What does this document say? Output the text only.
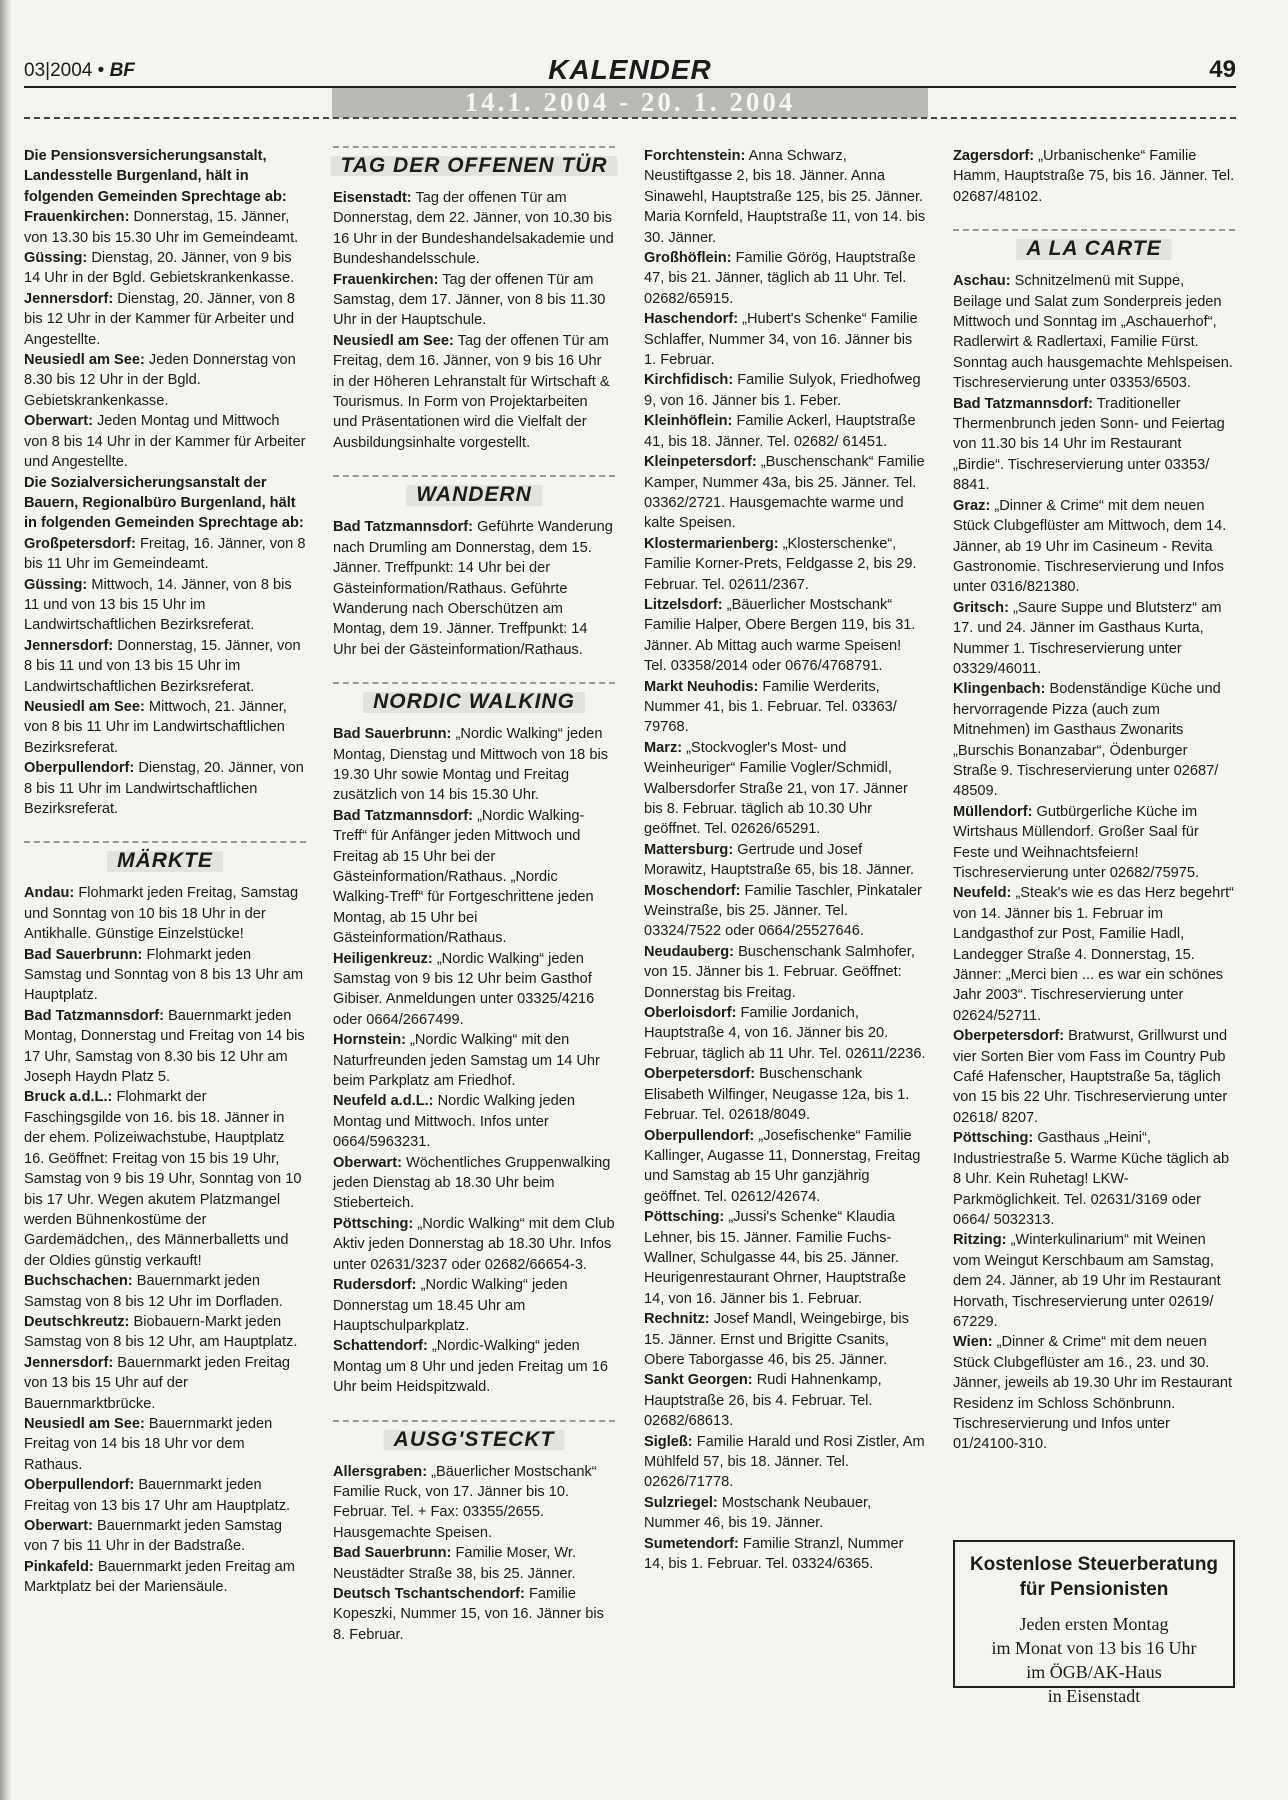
03|2004 • BF	KALENDER	49
14.1. 2004 - 20. 1. 2004

Die Pensionsversicherungsanstalt, Landesstelle Burgenland, hält in folgenden Gemeinden Sprechtage ab:

Frauenkirchen: Donnerstag, 15. Jänner, von 13.30 bis 15.30 Uhr im Gemeindeamt.

Güssing: Dienstag, 20. Jänner, von 9 bis 14 Uhr in der Bgld. Gebietskrankenkasse.

Jennersdorf: Dienstag, 20. Jänner, von 8 bis 12 Uhr in der Kammer für Arbeiter und Angestellte.

Neusiedl am See: Jeden Donnerstag von 8.30 bis 12 Uhr in der Bgld. Gebietskrankenkasse.

Oberwart: Jeden Montag und Mittwoch von 8 bis 14 Uhr in der Kammer für Arbeiter und Angestellte.

Die Sozialversicherungsanstalt der Bauern, Regionalbüro Burgenland, hält in folgenden Gemeinden Sprechtage ab:

Großpetersdorf: Freitag, 16. Jänner, von 8 bis 11 Uhr im Gemeindeamt.

Güssing: Mittwoch, 14. Jänner, von 8 bis 11 und von 13 bis 15 Uhr im Landwirtschaftlichen Bezirksreferat.

Jennersdorf: Donnerstag, 15. Jänner, von 8 bis 11 und von 13 bis 15 Uhr im Landwirtschaftlichen Bezirksreferat.

Neusiedl am See: Mittwoch, 21. Jänner, von 8 bis 11 Uhr im Landwirtschaftlichen Bezirksreferat.

Oberpullendorf: Dienstag, 20. Jänner, von 8 bis 11 Uhr im Landwirtschaftlichen Bezirksreferat.

MÄRKTE

Andau: Flohmarkt jeden Freitag, Samstag und Sonntag von 10 bis 18 Uhr in der Antikhalle. Günstige Einzelstücke!

Bad Sauerbrunn: Flohmarkt jeden Samstag und Sonntag von 8 bis 13 Uhr am Hauptplatz.

Bad Tatzmannsdorf: Bauernmarkt jeden Montag, Donnerstag und Freitag von 14 bis 17 Uhr, Samstag von 8.30 bis 12 Uhr am Joseph Haydn Platz 5.

Bruck a.d.L.: Flohmarkt der Faschingsgilde von 16. bis 18. Jänner in der ehem. Polizeiwachstube, Hauptplatz 16. Geöffnet: Freitag von 15 bis 19 Uhr, Samstag von 9 bis 19 Uhr, Sonntag von 10 bis 17 Uhr. Wegen akutem Platzmangel werden Bühnenkostüme der Gardemädchen,, des Männerballetts und der Oldies günstig verkauft!

Buchschachen: Bauernmarkt jeden Samstag von 8 bis 12 Uhr im Dorfladen.

Deutschkreutz: Biobauern-Markt jeden Samstag von 8 bis 12 Uhr, am Hauptplatz.

Jennersdorf: Bauernmarkt jeden Freitag von 13 bis 15 Uhr auf der Bauernmarktbrücke.

Neusiedl am See: Bauernmarkt jeden Freitag von 14 bis 18 Uhr vor dem Rathaus.

Oberpullendorf: Bauernmarkt jeden Freitag von 13 bis 17 Uhr am Hauptplatz.

Oberwart: Bauernmarkt jeden Samstag von 7 bis 11 Uhr in der Badstraße.

Pinkafeld: Bauernmarkt jeden Freitag am Marktplatz bei der Mariensäule.

TAG DER OFFENEN TÜR

Eisenstadt: Tag der offenen Tür am Donnerstag, dem 22. Jänner, von 10.30 bis 16 Uhr in der Bundeshandelsakademie und Bundeshandelsschule.

Frauenkirchen: Tag der offenen Tür am Samstag, dem 17. Jänner, von 8 bis 11.30 Uhr in der Hauptschule.

Neusiedl am See: Tag der offenen Tür am Freitag, dem 16. Jänner, von 9 bis 16 Uhr in der Höheren Lehranstalt für Wirtschaft & Tourismus. In Form von Projektarbeiten und Präsentationen wird die Vielfalt der Ausbildungsinhalte vorgestellt.

WANDERN

Bad Tatzmannsdorf: Geführte Wanderung nach Drumling am Donnerstag, dem 15. Jänner. Treffpunkt: 14 Uhr bei der Gästeinformation/Rathaus. Geführte Wanderung nach Oberschützen am Montag, dem 19. Jänner. Treffpunkt: 14 Uhr bei der Gästeinformation/Rathaus.

NORDIC WALKING

Bad Sauerbrunn: „Nordic Walking“ jeden Montag, Dienstag und Mittwoch von 18 bis 19.30 Uhr sowie Montag und Freitag zusätzlich von 14 bis 15.30 Uhr.

Bad Tatzmannsdorf: „Nordic Walking-Treff“ für Anfänger jeden Mittwoch und Freitag ab 15 Uhr bei der Gästeinformation/Rathaus. „Nordic Walking-Treff“ für Fortgeschrittene jeden Montag, ab 15 Uhr bei Gästeinformation/Rathaus.

Heiligenkreuz: „Nordic Walking“ jeden Samstag von 9 bis 12 Uhr beim Gasthof Gibiser. Anmeldungen unter 03325/4216 oder 0664/2667499.

Hornstein: „Nordic Walking“ mit den Naturfreunden jeden Samstag um 14 Uhr beim Parkplatz am Friedhof.

Neufeld a.d.L.: Nordic Walking jeden Montag und Mittwoch. Infos unter 0664/5963231.

Oberwart: Wöchentliches Gruppenwalking jeden Dienstag ab 18.30 Uhr beim Stieberteich.

Pöttsching: „Nordic Walking“ mit dem Club Aktiv jeden Donnerstag ab 18.30 Uhr. Infos unter 02631/3237 oder 02682/66654-3.

Rudersdorf: „Nordic Walking“ jeden Donnerstag um 18.45 Uhr am Hauptschulparkplatz.

Schattendorf: „Nordic-Walking“ jeden Montag um 8 Uhr und jeden Freitag um 16 Uhr beim Heidspitzwald.

AUSG'STECKT

Allersgraben: „Bäuerlicher Mostschank“ Familie Ruck, von 17. Jänner bis 10. Februar. Tel. + Fax: 03355/2655. Hausgemachte Speisen.

Bad Sauerbrunn: Familie Moser, Wr. Neustädter Straße 38, bis 25. Jänner.

Deutsch Tschantschendorf: Familie Kopeszki, Nummer 15, von 16. Jänner bis 8. Februar.

Forchtenstein: Anna Schwarz, Neustiftgasse 2, bis 18. Jänner. Anna Sinawehl, Hauptstraße 125, bis 25. Jänner. Maria Kornfeld, Hauptstraße 11, von 14. bis 30. Jänner.

Großhöflein: Familie Görög, Hauptstraße 47, bis 21. Jänner, täglich ab 11 Uhr. Tel. 02682/65915.

Haschendorf: „Hubert's Schenke“ Familie Schlaffer, Nummer 34, von 16. Jänner bis 1. Februar.

Kirchfidisch: Familie Sulyok, Friedhofweg 9, von 16. Jänner bis 1. Feber.

Kleinhöflein: Familie Ackerl, Hauptstraße 41, bis 18. Jänner. Tel. 02682/ 61451.

Kleinpetersdorf: „Buschenschank“ Familie Kamper, Nummer 43a, bis 25. Jänner. Tel. 03362/2721. Hausgemachte warme und kalte Speisen.

Klostermarienberg: „Klosterschenke“, Familie Korner-Prets, Feldgasse 2, bis 29. Februar. Tel. 02611/2367.

Litzelsdorf: „Bäuerlicher Mostschank“ Familie Halper, Obere Bergen 119, bis 31. Jänner. Ab Mittag auch warme Speisen! Tel. 03358/2014 oder 0676/4768791.

Markt Neuhodis: Familie Werderits, Nummer 41, bis 1. Februar. Tel. 03363/ 79768.

Marz: „Stockvogler's Most- und Weinheuriger“ Familie Vogler/Schmidl, Walbersdorfer Straße 21, von 17. Jänner bis 8. Februar. täglich ab 10.30 Uhr geöffnet. Tel. 02626/65291.

Mattersburg: Gertrude und Josef Morawitz, Hauptstraße 65, bis 18. Jänner.

Moschendorf: Familie Taschler, Pinkataler Weinstraße, bis 25. Jänner. Tel. 03324/7522 oder 0664/25527646.

Neudauberg: Buschenschank Salmhofer, von 15. Jänner bis 1. Februar. Geöffnet: Donnerstag bis Freitag.

Oberloisdorf: Familie Jordanich, Hauptstraße 4, von 16. Jänner bis 20. Februar, täglich ab 11 Uhr. Tel. 02611/2236.

Oberpetersdorf: Buschenschank Elisabeth Wilfinger, Neugasse 12a, bis 1. Februar. Tel. 02618/8049.

Oberpullendorf: „Josefischenke“ Familie Kallinger, Augasse 11, Donnerstag, Freitag und Samstag ab 15 Uhr ganzjährig geöffnet. Tel. 02612/42674.

Pöttsching: „Jussi's Schenke“ Klaudia Lehner, bis 15. Jänner. Familie Fuchs-Wallner, Schulgasse 44, bis 25. Jänner. Heurigenrestaurant Ohrner, Hauptstraße 14, von 16. Jänner bis 1. Februar.

Rechnitz: Josef Mandl, Weingebirge, bis 15. Jänner. Ernst und Brigitte Csanits, Obere Taborgasse 46, bis 25. Jänner.

Sankt Georgen: Rudi Hahnenkamp, Hauptstraße 26, bis 4. Februar. Tel. 02682/68613.

Sigleß: Familie Harald und Rosi Zistler, Am Mühlfeld 57, bis 18. Jänner. Tel. 02626/71778.

Sulzriegel: Mostschank Neubauer, Nummer 46, bis 19. Jänner.

Sumetendorf: Familie Stranzl, Nummer 14, bis 1. Februar. Tel. 03324/6365.

Zagersdorf: „Urbanischenke“ Familie Hamm, Hauptstraße 75, bis 16. Jänner. Tel. 02687/48102.

A LA CARTE

Aschau: Schnitzelmenü mit Suppe, Beilage und Salat zum Sonderpreis jeden Mittwoch und Sonntag im „Aschauerhof“, Radlerwirt & Radlertaxi, Familie Fürst. Sonntag auch hausgemachte Mehlspeisen. Tischreservierung unter 03353/6503.

Bad Tatzmannsdorf: Traditioneller Thermenbrunch jeden Sonn- und Feiertag von 11.30 bis 14 Uhr im Restaurant „Birdie“. Tischreservierung unter 03353/ 8841.

Graz: „Dinner & Crime“ mit dem neuen Stück Clubgeflüster am Mittwoch, dem 14. Jänner, ab 19 Uhr im Casineum - Revita Gastronomie. Tischreservierung und Infos unter 0316/821380.

Gritsch: „Saure Suppe und Blutsterz“ am 17. und 24. Jänner im Gasthaus Kurta, Nummer 1. Tischreservierung unter 03329/46011.

Klingenbach: Bodenständige Küche und hervorragende Pizza (auch zum Mitnehmen) im Gasthaus Zwonarits „Burschis Bonanzabar“, Ödenburger Straße 9. Tischreservierung unter 02687/ 48509.

Müllendorf: Gutbürgerliche Küche im Wirtshaus Müllendorf. Großer Saal für Feste und Weihnachtsfeiern! Tischreservierung unter 02682/75975.

Neufeld: „Steak's wie es das Herz begehrt“ von 14. Jänner bis 1. Februar im Landgasthof zur Post, Familie Hadl, Landegger Straße 4. Donnerstag, 15. Jänner: „Merci bien ... es war ein schönes Jahr 2003“. Tischreservierung unter 02624/52711.

Oberpetersdorf: Bratwurst, Grillwurst und vier Sorten Bier vom Fass im Country Pub Café Hafenscher, Hauptstraße 5a, täglich von 15 bis 22 Uhr. Tischreservierung unter 02618/ 8207.

Pöttsching: Gasthaus „Heini“, Industriestraße 5. Warme Küche täglich ab 8 Uhr. Kein Ruhetag! LKW-Parkmöglichkeit. Tel. 02631/3169 oder 0664/ 5032313.

Ritzing: „Winterkulinarium“ mit Weinen vom Weingut Kerschbaum am Samstag, dem 24. Jänner, ab 19 Uhr im Restaurant Horvath, Tischreservierung unter 02619/ 67229.

Wien: „Dinner & Crime“ mit dem neuen Stück Clubgeflüster am 16., 23. und 30. Jänner, jeweils ab 19.30 Uhr im Restaurant Residenz im Schloss Schönbrunn. Tischreservierung und Infos unter 01/24100-310.

Kostenlose Steuerberatung
für Pensionisten
Jeden ersten Montag
im Monat von 13 bis 16 Uhr
im ÖGB/AK-Haus
in Eisenstadt
